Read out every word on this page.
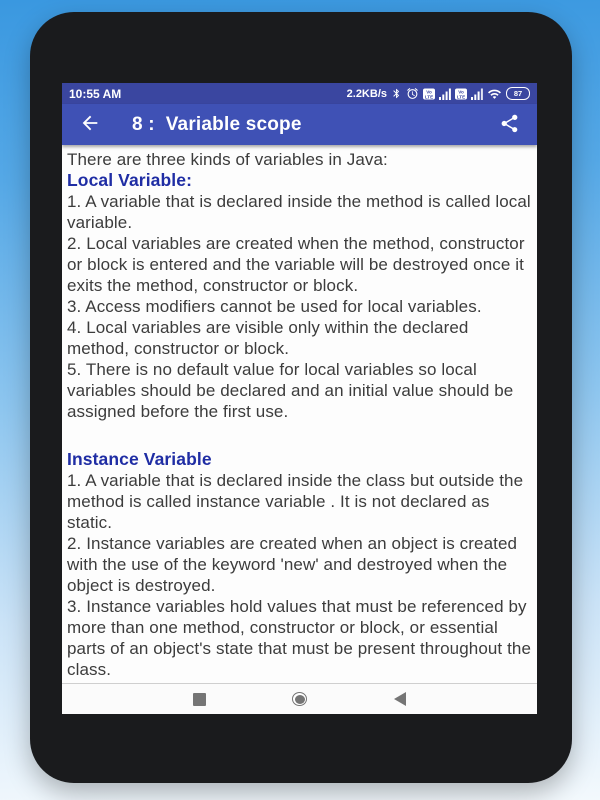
10:55 AM	2.2KB/s	Vo
LTE
Vo
LTE	87
8 :  Variable scope

There are three kinds of variables in Java:

Local Variable:

1. A variable that is declared inside the method is called local variable.

2. Local variables are created when the method, constructor or block is entered and the variable will be destroyed once it exits the method, constructor or block.

3. Access modifiers cannot be used for local variables.

4. Local variables are visible only within the declared method, constructor or block.

5. There is no default value for local variables so local variables should be declared and an initial value should be assigned before the first use.

Instance Variable

1. A variable that is declared inside the class but outside the method is called instance variable . It is not declared as static.

2. Instance variables are created when an object is created with the use of the keyword 'new' and destroyed when the object is destroyed.

3. Instance variables hold values that must be referenced by more than one method, constructor or block, or essential parts of an object's state that must be present throughout the class.
